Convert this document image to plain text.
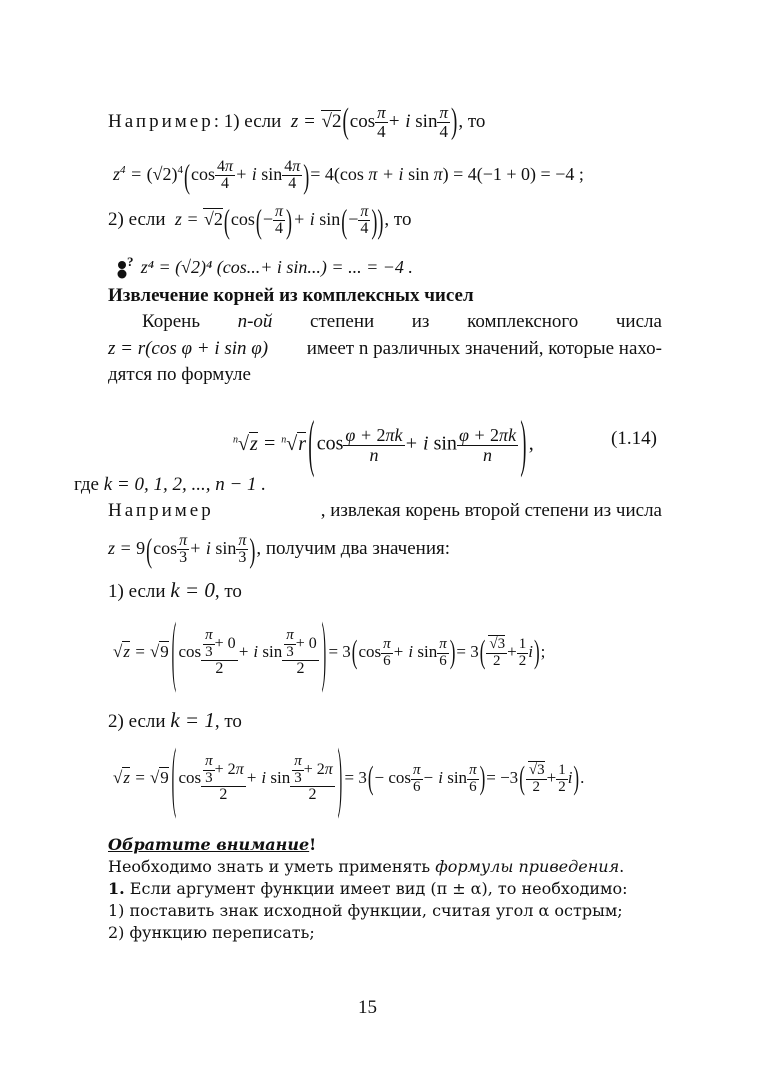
Например: 1) если  $z = √2(\cos \frac{\pi}{4} + i$ $\sin \frac{\pi}{4}$ ), то
$z^4 = (√2)^4(\cos \frac{4\pi}{4} + i$ $\sin \frac{4\pi}{4}$ )= 4(cos π + i sin π) = 4(−1 + 0) = −4 ;
2) если  $z = √2(\cos(- \frac{\pi}{4}$ )+ i $\sin(- \frac{\pi}{4}$ )), то
? z⁴ = (√2)⁴ (cos...+ i sin...) = ... = −4 .
Извлечение корней из комплексных чисел
Корень n-ой степени из комплексного числа
z = r(cos φ + i sin φ) имеет n различных значений, которые нахо-
дятся по формуле
$^n$√z = $^n$√r ( $\cos \frac{\varphi + 2\pi k}{n} + i$ $\sin \frac{\varphi + 2\pi k}{n}$ ) ,	(1.14)
где k = 0, 1, 2, ..., n − 1 .
Например	, извлекая корень второй степени из числа
$z = 9(\cos \frac{\pi}{3} + i$ $\sin \frac{\pi}{3}$ ), получим два значения:
1) если k = 0, то
√z = √9 ( $\cos \frac{\frac{\pi}{3} + 0}{2} + i$ $\sin \frac{\frac{\pi}{3} + 0}{2}$ ) = $3(\cos \frac{\pi}{6} + i$ $\sin \frac{\pi}{6}$ )= $3( \frac{√3}{2} + \frac{1}{2} i)$;
2) если k = 1, то
√z = √9 ( $\cos \frac{\frac{\pi}{3} + 2\pi}{2} + i$ $\sin \frac{\frac{\pi}{3} + 2\pi}{2}$ ) = $3(- \cos \frac{\pi}{6} - i$ $\sin \frac{\pi}{6}$ )= $-3( \frac{√3}{2} + \frac{1}{2} i)$.
Обратите внимание!
Необходимо знать и уметь применять формулы приведения.
1. Если аргумент функции имеет вид (π ± α), то необходимо:
1) поставить знак исходной функции, считая угол α острым;
2) функцию переписать;
15
